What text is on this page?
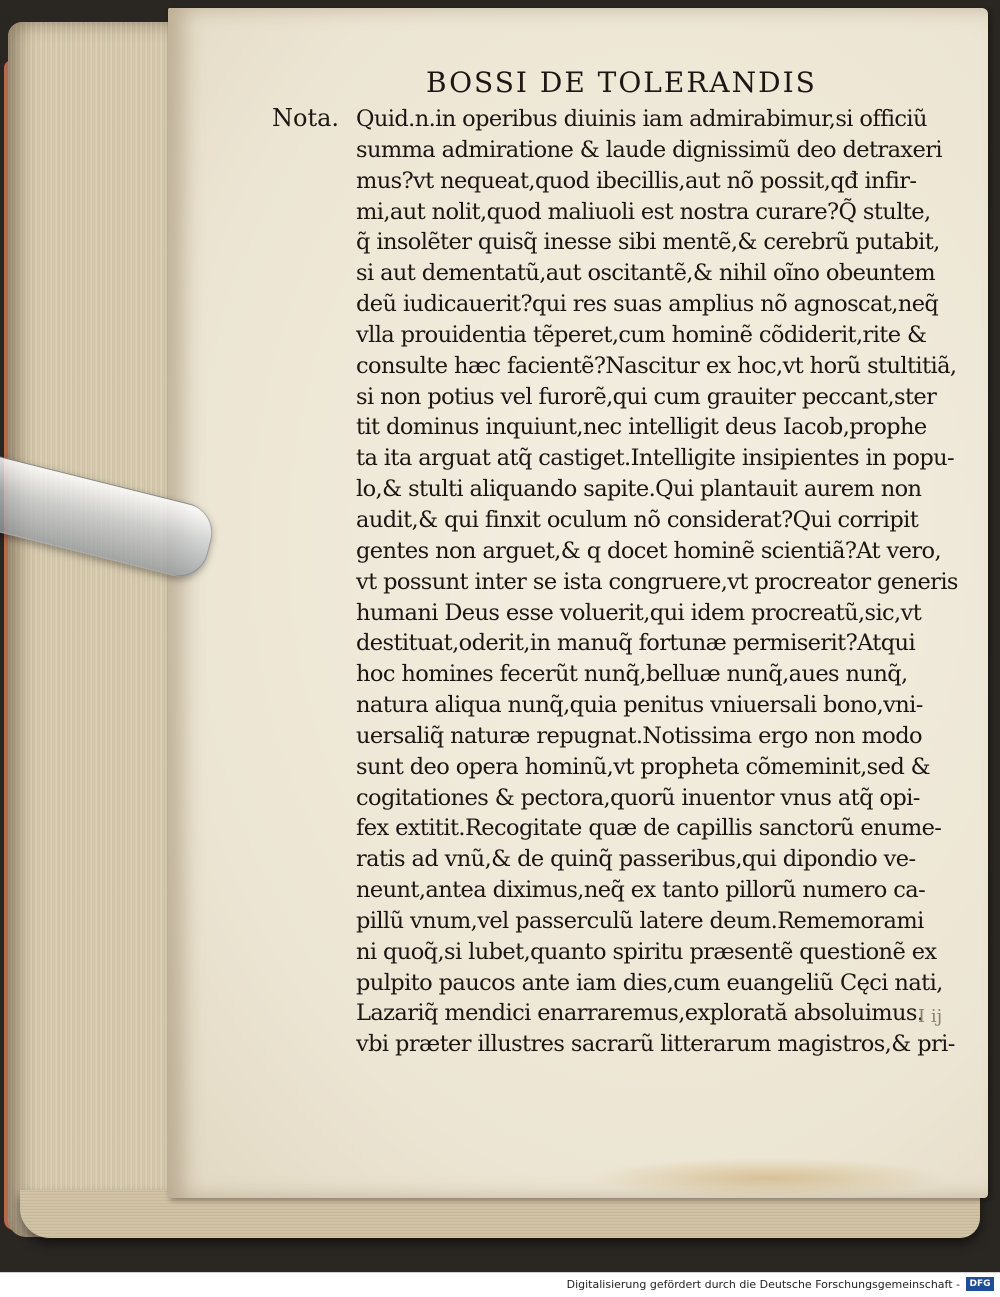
BOSSI DE TOLERANDIS
Nota. Quid.n.in operibus diuinis iam admirabimur,si officiũ
summa admiratione & laude dignissimũ deo detraxeri
mus?vt nequeat,quod ibecillis,aut nõ possit,qđ infir-
mi,aut nolit,quod maliuoli est nostra curare?Q̃ stulte,
q̃ insolẽter quisq̃ inesse sibi mentẽ,& cerebrũ putabit,
si aut dementatũ,aut oscitantẽ,& nihil oĩno obeuntem
deũ iudicauerit?qui res suas amplius nõ agnoscat,neq̃
vlla prouidentia tẽperet,cum hominẽ cõdiderit,rite &
consulte hæc facientẽ?Nascitur ex hoc,vt horũ stultitiã,
si non potius vel furorẽ,qui cum grauiter peccant,ster
tit dominus inquiunt,nec intelligit deus Iacob,prophe
ta ita arguat atq̃ castiget.Intelligite insipientes in popu-
lo,& stulti aliquando sapite.Qui plantauit aurem non
audit,& qui finxit oculum nõ considerat?Qui corripit
gentes non arguet,& q docet hominẽ scientiã?At vero,
vt possunt inter se ista congruere,vt procreator generis
humani Deus esse voluerit,qui idem procreatũ,sic,vt
destituat,oderit,in manuq̃ fortunæ permiserit?Atqui
hoc homines fecerũt nunq̃,belluæ nunq̃,aues nunq̃,
natura aliqua nunq̃,quia penitus vniuersali bono,vni-
uersaliq̃ naturæ repugnat.Notissima ergo non modo
sunt deo opera hominũ,vt propheta cõmeminit,sed &
cogitationes & pectora,quorũ inuentor vnus atq̃ opi-
fex extitit.Recogitate quæ de capillis sanctorũ enume-
ratis ad vnũ,& de quinq̃ passeribus,qui dipondio ve-
neunt,antea diximus,neq̃ ex tanto pillorũ numero ca-
pillũ vnum,vel passerculũ latere deum.Rememorami
ni quoq̃,si lubet,quanto spiritu præsentẽ questionẽ ex
pulpito paucos ante iam dies,cum euangeliũ Cęci nati,
Lazariq̃ mendici enarraremus,explorată absoluimus.
vbi præter illustres sacrarũ litterarum magistros,& pri-
I ij
Digitalisierung gefördert durch die Deutsche Forschungsgemeinschaft -	DFG
